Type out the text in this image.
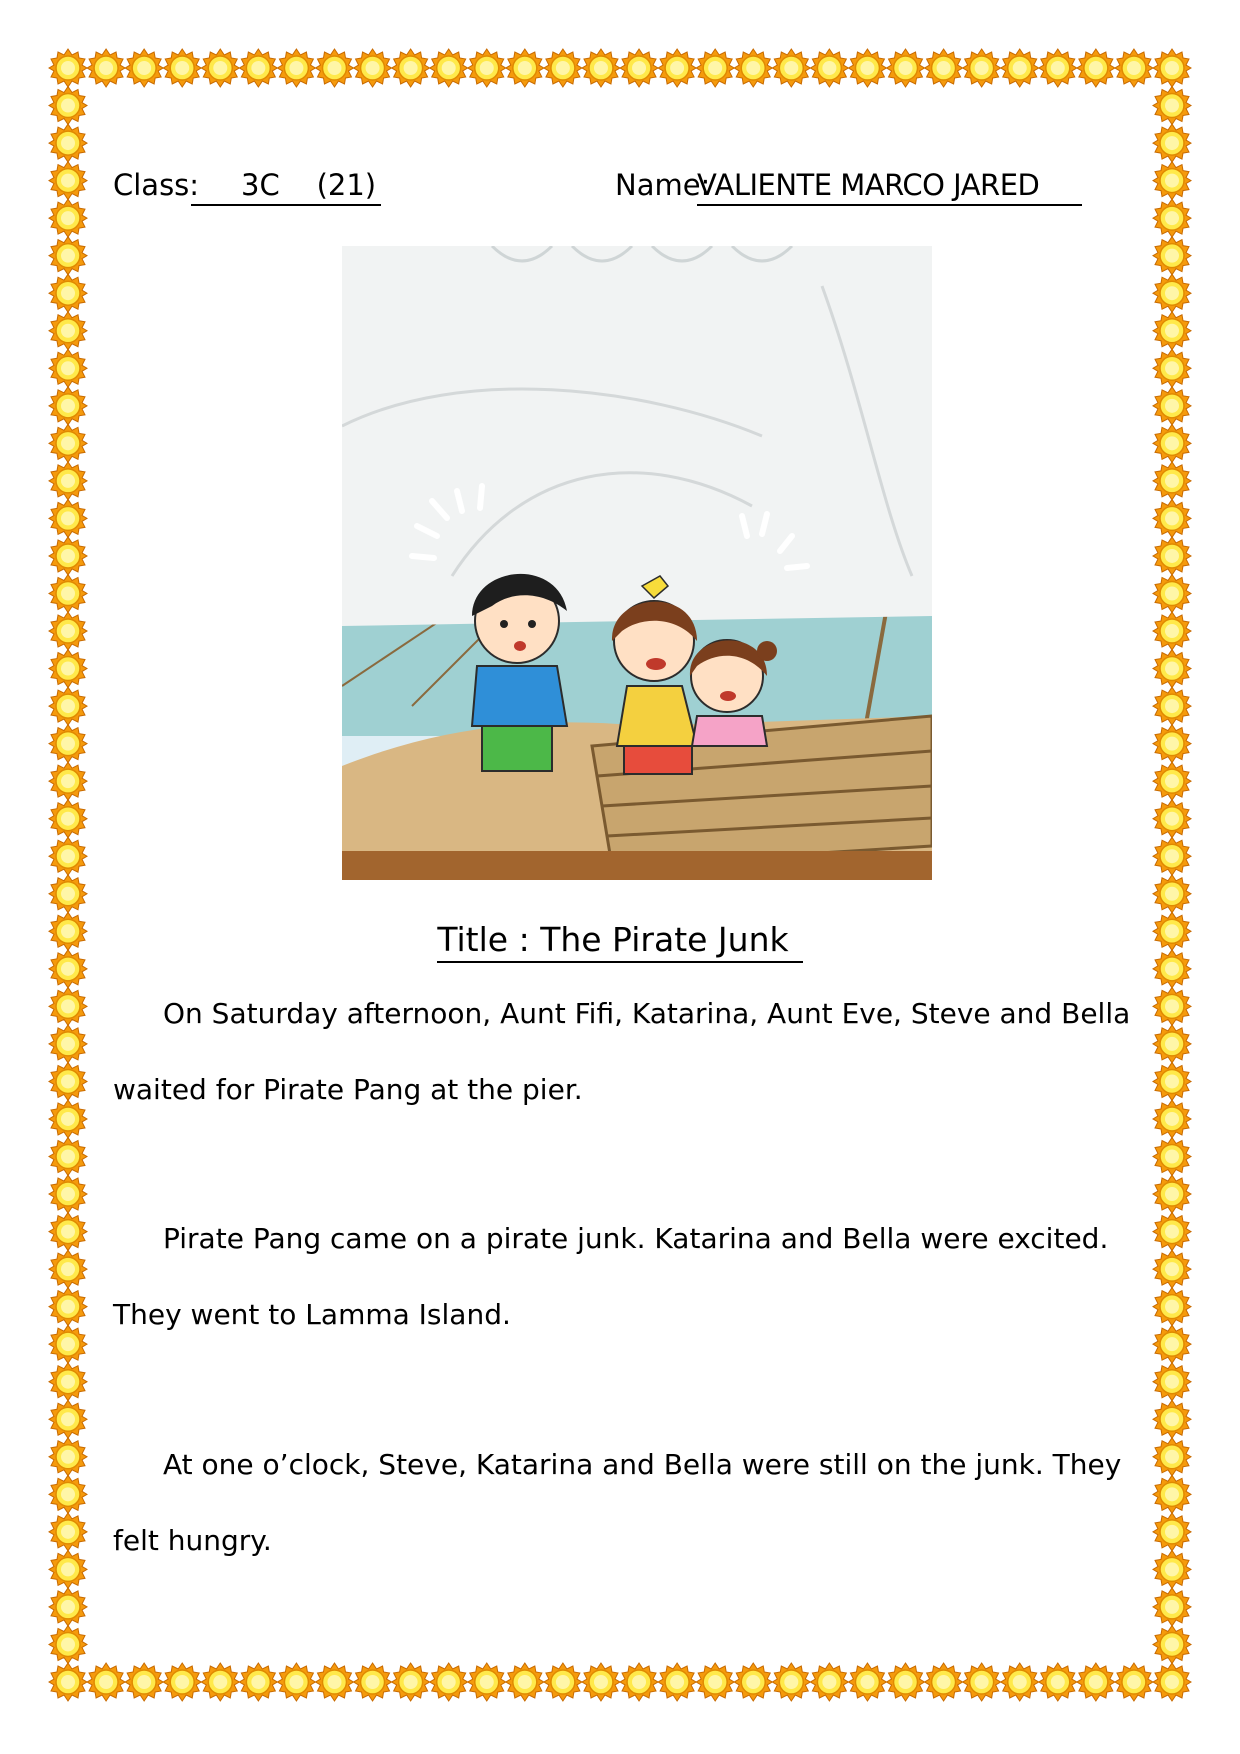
Class:	3C    (21)	Name:
VALIENTE MARCO JARED
Title : The Pirate Junk

On Saturday afternoon, Aunt Fifi, Katarina, Aunt Eve, Steve and Bella waited for Pirate Pang at the pier.

Pirate Pang came on a pirate junk. Katarina and Bella were excited. They went to Lamma Island.

At one o’clock, Steve, Katarina and Bella were still on the junk. They felt hungry.
